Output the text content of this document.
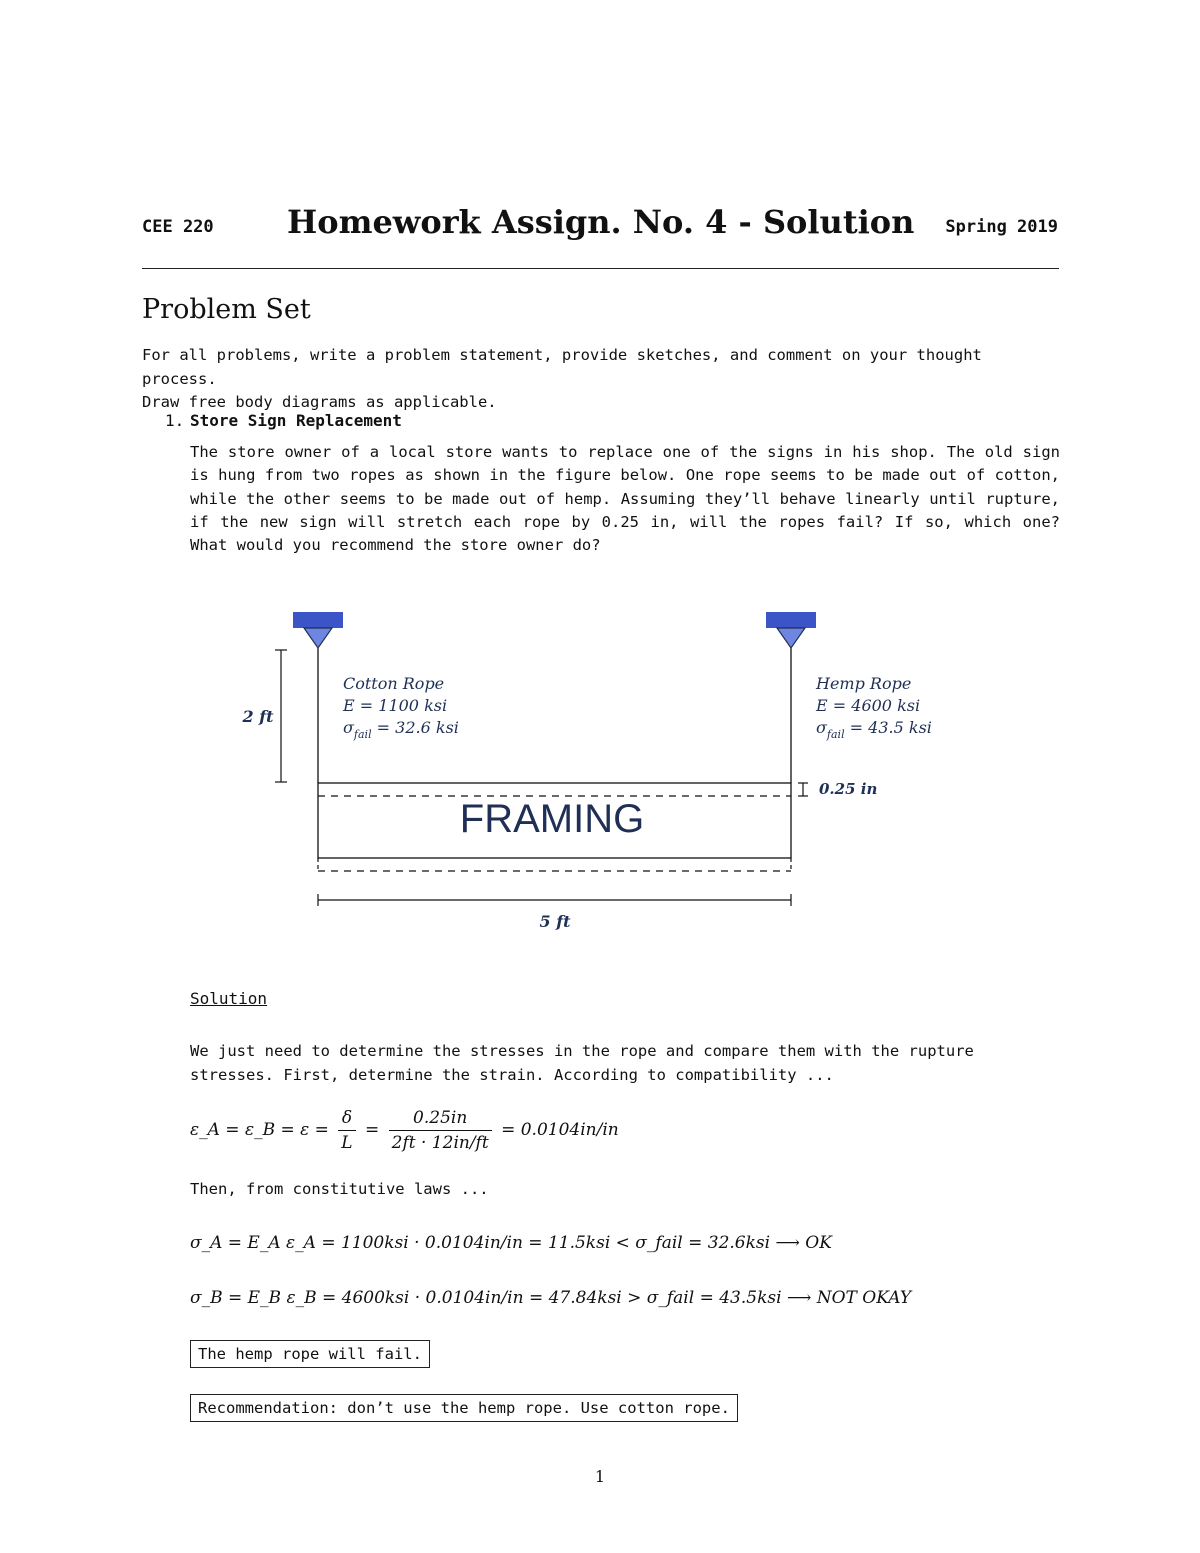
CEE 220 Homework Assign. No. 4 - Solution Spring 2019
Problem Set
For all problems, write a problem statement, provide sketches, and comment on your thought process.
Draw free body diagrams as applicable.
1. Store Sign Replacement
The store owner of a local store wants to replace one of the signs in his shop. The old sign is hung from two ropes as shown in the figure below. One rope seems to be made out of cotton, while the other seems to be made out of hemp. Assuming they’ll behave linearly until rupture, if the new sign will stretch each rope by 0.25 in, will the ropes fail? If so, which one? What would you recommend the store owner do?
FRAMING
2 ft
0.25 in
5 ft
Cotton Rope
E = 1100 ksi
$\sigma_{fail} = 32.6$ ksi
Hemp Rope
E = 4600 ksi
$\sigma_{fail} = 43.5$ ksi
Solution
We just need to determine the stresses in the rope and compare them with the rupture stresses. First, determine the strain. According to compatibility ...
ε_A = ε_B = $\varepsilon = \frac{\delta}{L} = \frac{0.25in}{2ft \cdot 12in/ft} = 0.0104in/in$
Then, from constitutive laws ...
σ_A = E_A ε_A = 1100ksi · 0.0104in/in = 11.5ksi < σ_fail = 32.6ksi ⟶ OK
σ_B = E_B ε_B = 4600ksi · 0.0104in/in = 47.84ksi > σ_fail = 43.5ksi ⟶ NOT OKAY
The hemp rope will fail.
Recommendation: don’t use the hemp rope. Use cotton rope.
1
